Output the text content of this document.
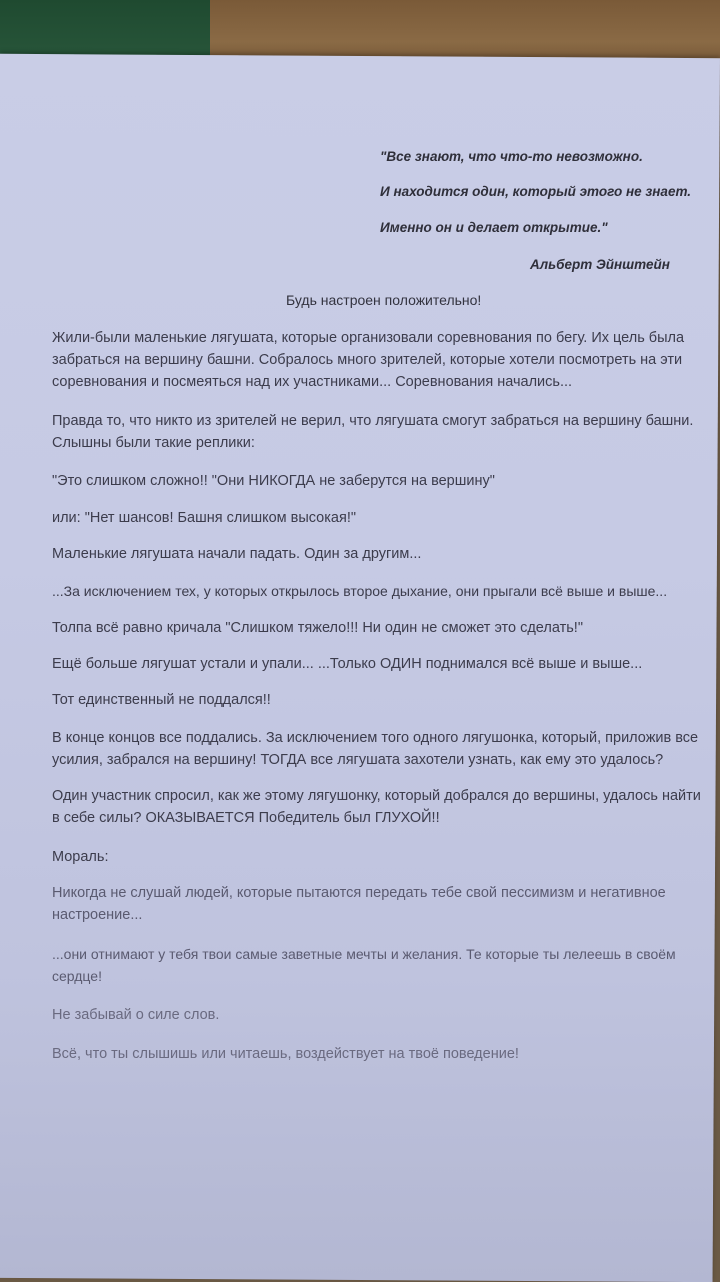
"Все знают, что что-то невозможно.
И находится один, который этого не знает.
Именно он и делает открытие."
Альберт Эйнштейн
Будь настроен положительно!
Жили-были маленькие лягушата, которые организовали соревнования по бегу. Их цель была забраться на вершину башни. Собралось много зрителей, которые хотели посмотреть на эти соревнования и посмеяться над их участниками... Соревнования начались...
Правда то, что никто из зрителей не верил, что лягушата смогут забраться на вершину башни. Слышны были такие реплики:
"Это слишком сложно!! "Они НИКОГДА не заберутся на вершину"
или: "Нет шансов! Башня слишком высокая!"
Маленькие лягушата начали падать. Один за другим...
...За исключением тех, у которых открылось второе дыхание, они прыгали всё выше и выше...
Толпа всё равно кричала "Слишком тяжело!!! Ни один не сможет это сделать!"
Ещё больше лягушат устали и упали... ...Только ОДИН поднимался всё выше и выше...
Тот единственный не поддался!!
В конце концов все поддались. За исключением того одного лягушонка, который, приложив все усилия, забрался на вершину! ТОГДА все лягушата захотели узнать, как ему это удалось?
Один участник спросил, как же этому лягушонку, который добрался до вершины, удалось найти в себе силы? ОКАЗЫВАЕТСЯ Победитель был ГЛУХОЙ!!
Мораль:
Никогда не слушай людей, которые пытаются передать тебе свой пессимизм и негативное настроение...
...они отнимают у тебя твои самые заветные мечты и желания. Те которые ты лелеешь в своём сердце!
Не забывай о силе слов.
Всё, что ты слышишь или читаешь, воздействует на твоё поведение!
